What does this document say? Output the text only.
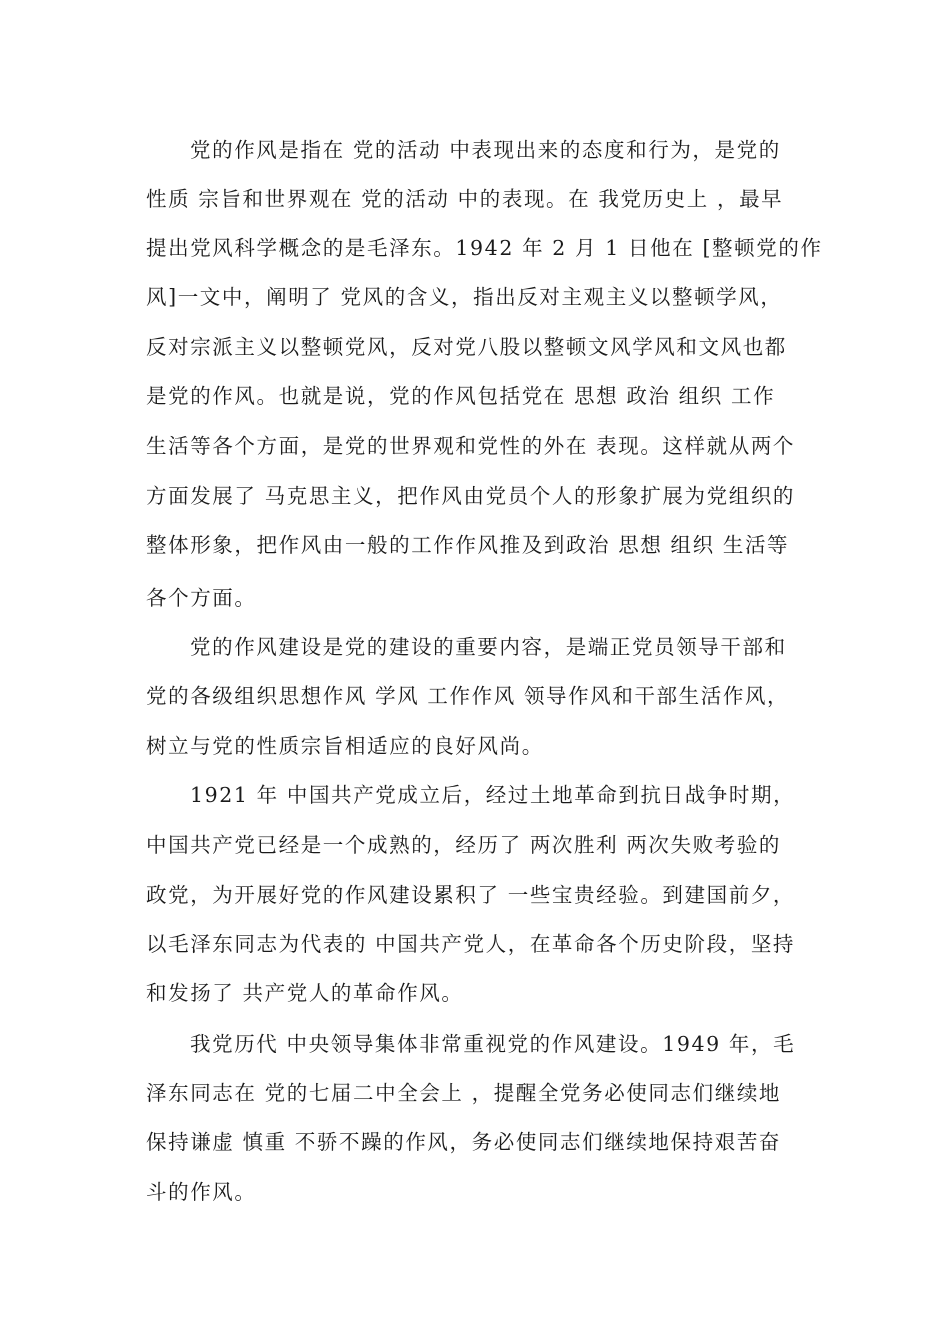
党的作风是指在 党的活动 中表现出来的态度和行为，是党的
性质 宗旨和世界观在 党的活动 中的表现。在 我党历史上 ，最早
提出党风科学概念的是毛泽东。1942 年 2 月 1 日他在 [整顿党的作
风]一文中，阐明了 党风的含义，指出反对主观主义以整顿学风，
反对宗派主义以整顿党风，反对党八股以整顿文风学风和文风也都
是党的作风。也就是说，党的作风包括党在 思想 政治 组织 工作
生活等各个方面，是党的世界观和党性的外在 表现。这样就从两个
方面发展了 马克思主义，把作风由党员个人的形象扩展为党组织的
整体形象，把作风由一般的工作作风推及到政治 思想 组织 生活等
各个方面。
党的作风建设是党的建设的重要内容，是端正党员领导干部和
党的各级组织思想作风 学风 工作作风 领导作风和干部生活作风，
树立与党的性质宗旨相适应的良好风尚。
1921 年 中国共产党成立后，经过土地革命到抗日战争时期，
中国共产党已经是一个成熟的，经历了 两次胜利 两次失败考验的
政党，为开展好党的作风建设累积了 一些宝贵经验。到建国前夕，
以毛泽东同志为代表的 中国共产党人，在革命各个历史阶段，坚持
和发扬了 共产党人的革命作风。
我党历代 中央领导集体非常重视党的作风建设。1949 年，毛
泽东同志在 党的七届二中全会上 ，提醒全党务必使同志们继续地
保持谦虚 慎重 不骄不躁的作风，务必使同志们继续地保持艰苦奋
斗的作风。
